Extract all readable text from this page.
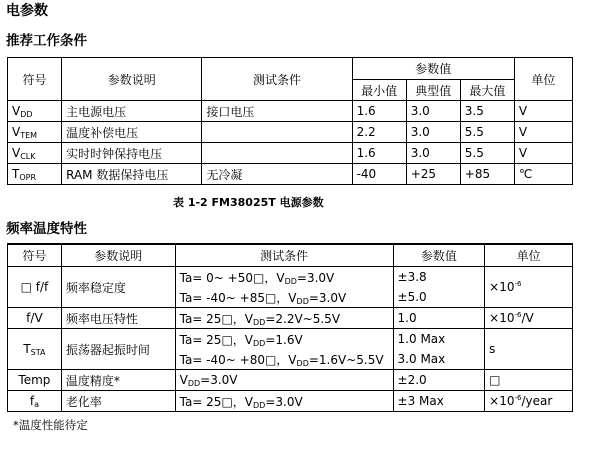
电参数
推荐工作条件
符号	参数说明	测试条件	参数值			单位
			最小值	典型值	最大值	
$V_{DD}$	主电源电压	接口电压	1.6	3.0	3.5	V
$V_{TEM}$	温度补偿电压		2.2	3.0	5.5	V
$V_{CLK}$	实时时钟保持电压		1.6	3.0	5.5	V
$T_{OPR}$	RAM 数据保持电压	无冷凝	-40	+25	+85	℃
表 1-2 FM38025T 电源参数
频率温度特性
符号	参数说明	测试条件	参数值	单位
□ f/f	频率稳定度	Ta= 0~ +50□，$V_{DD}=3.0V$	±3.8	$\times 10^{-6}$
		Ta= -40~ +85□，$V_{DD}=3.0V$	±5.0	
f/V	频率电压特性	Ta= 25□，$V_{DD}=2.2V\sim 5.5V$	1.0	$\times 10^{-6}/V$
$T_{STA}$	振荡器起振时间	Ta= 25□，$V_{DD}=1.6V$	1.0 Max	s
		Ta= -40~ +80□，$V_{DD}=1.6V\sim 5.5V$	3.0 Max	
Temp	温度精度*	$V_{DD}=3.0V$	±2.0	□
$f_a$	老化率	Ta= 25□，$V_{DD}=3.0V$	±3 Max	$\times 10^{-6}$/year
*温度性能待定
